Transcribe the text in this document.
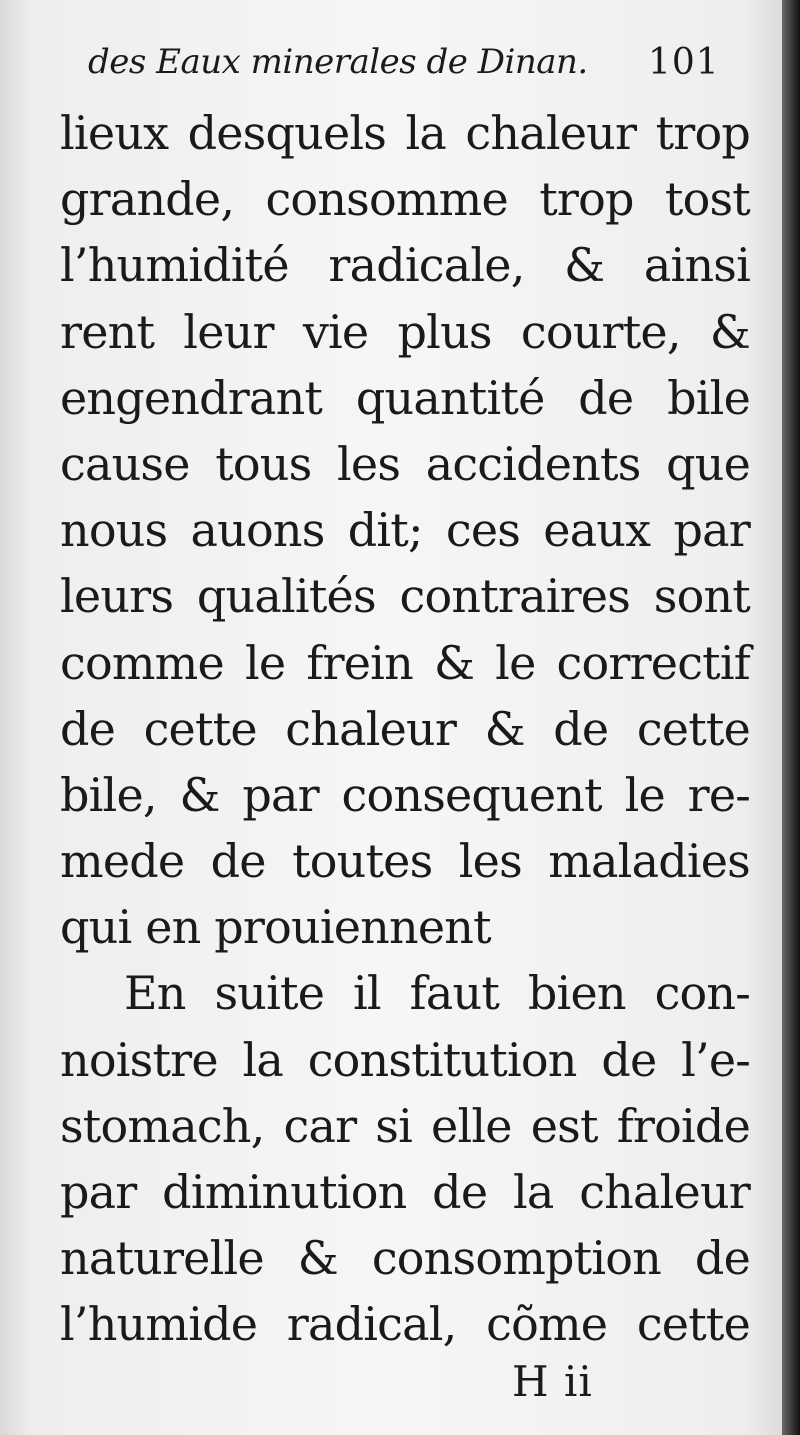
des Eaux minerales de Dinan. 101
lieux desquels la chaleur trop
grande, consomme trop tost
l’humidité radicale, & ainsi
rent leur vie plus courte, &
engendrant quantité de bile
cause tous les accidents que
nous auons dit; ces eaux par
leurs qualités contraires sont
comme le frein & le correctif
de cette chaleur & de cette
bile, & par consequent le re-
mede de toutes les maladies
qui en prouiennent
En suite il faut bien con-
noistre la constitution de l’e-
stomach, car si elle est froide
par diminution de la chaleur
naturelle & consomption de
l’humide radical, cõme cette
H ii
